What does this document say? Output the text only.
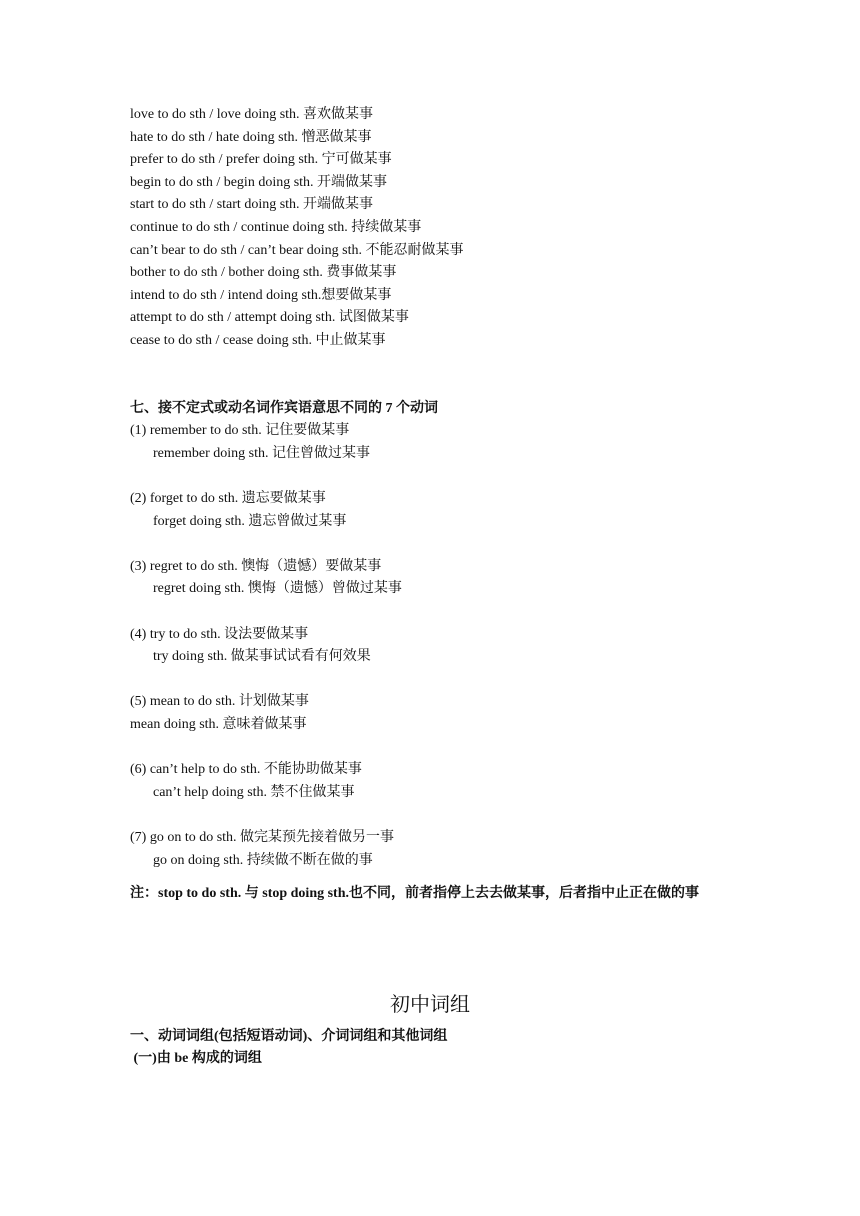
love to do sth / love doing sth. 喜欢做某事
hate to do sth / hate doing sth. 憎恶做某事
prefer to do sth / prefer doing sth. 宁可做某事
begin to do sth / begin doing sth. 开端做某事
start to do sth / start doing sth. 开端做某事
continue to do sth / continue doing sth. 持续做某事
can’t bear to do sth / can’t bear doing sth. 不能忍耐做某事
bother to do sth / bother doing sth. 费事做某事
intend to do sth / intend doing sth.想要做某事
attempt to do sth / attempt doing sth. 试图做某事
cease to do sth / cease doing sth. 中止做某事
七、接不定式或动名词作宾语意思不同的 7 个动词
(1) remember to do sth. 记住要做某事
remember doing sth. 记住曾做过某事
(2) forget to do sth. 遗忘要做某事
forget doing sth. 遗忘曾做过某事
(3) regret to do sth. 懊悔（遗憾）要做某事
regret doing sth. 懊悔（遗憾）曾做过某事
(4) try to do sth. 设法要做某事
try doing sth. 做某事试试看有何效果
(5) mean to do sth. 计划做某事
mean doing sth. 意味着做某事
(6) can’t help to do sth. 不能协助做某事
can’t help doing sth. 禁不住做某事
(7) go on to do sth. 做完某预先接着做另一事
go on doing sth. 持续做不断在做的事
注：stop to do sth. 与 stop doing sth.也不同，前者指停上去去做某事，后者指中止正在做的事
初中词组
一、动词词组(包括短语动词)、介词词组和其他词组
(一)由 be 构成的词组
